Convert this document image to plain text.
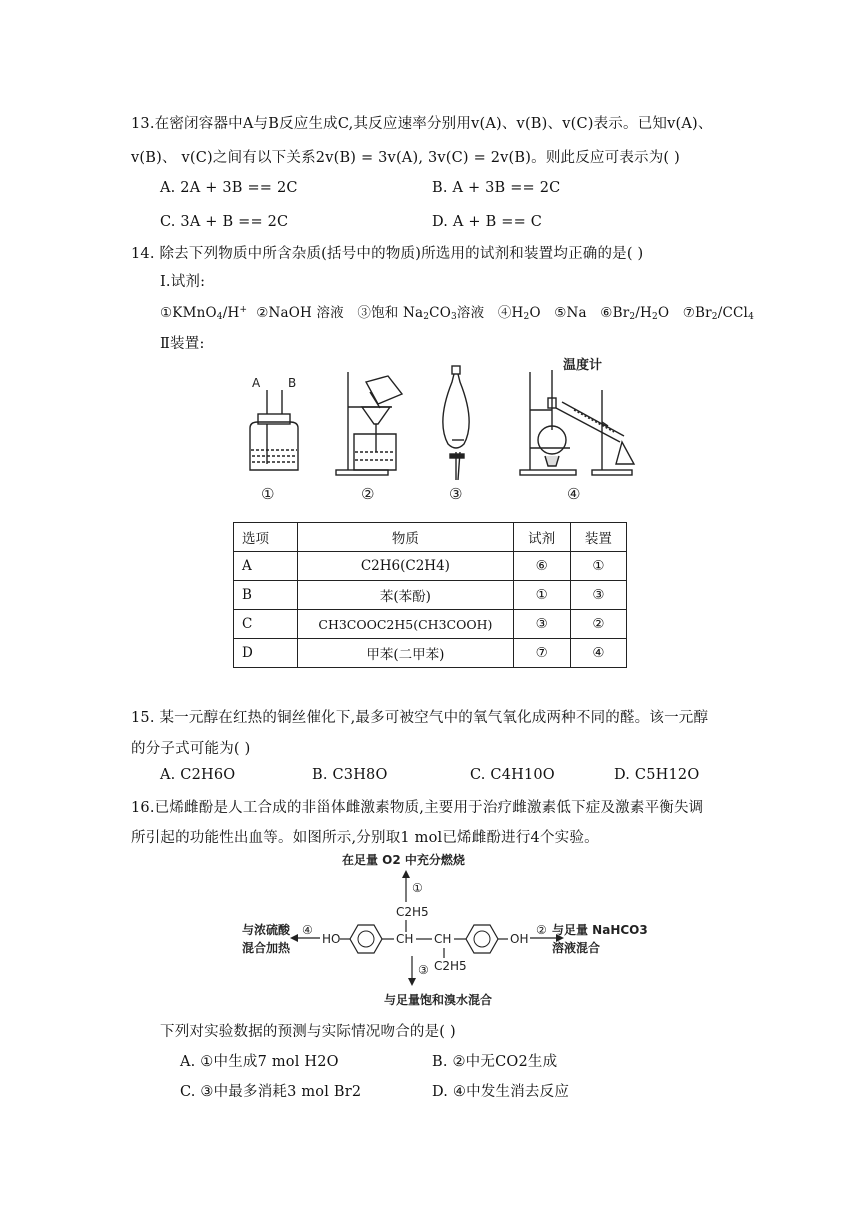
13.在密闭容器中A与B反应生成C,其反应速率分别用v(A)、v(B)、v(C)表示。已知v(A)、
v(B)、 v(C)之间有以下关系2v(B) = 3v(A), 3v(C) = 2v(B)。则此反应可表示为( )
A. 2A + 3B == 2C	B. A + 3B == 2C
C. 3A + B == 2C	D. A + B == C
14. 除去下列物质中所含杂质(括号中的物质)所选用的试剂和装置均正确的是( )
Ⅰ.试剂:
①KMnO$_4$/H+ ②NaOH 溶液 ③饱和 $Na_2CO_3$溶液 $④H_2O$ ⑤Na $⑥Br_2/H_2O$ $⑦Br_2/CCl_4$
Ⅱ装置:
A B
温度计
①	②	③	④
选项	物质	试剂	装置
A	C2H6(C2H4)	⑥	①
B	苯(苯酚)	①	③
C	CH3COOC2H5(CH3COOH)	③	②
D	甲苯(二甲苯)	⑦	④
15. 某一元醇在红热的铜丝催化下,最多可被空气中的氧气氧化成两种不同的醛。该一元醇
的分子式可能为( )
A. C2H6O	B. C3H8O	C. C4H10O	D. C5H12O
16.已烯雌酚是人工合成的非甾体雌激素物质,主要用于治疗雌激素低下症及激素平衡失调
所引起的功能性出血等。如图所示,分别取1 mol已烯雌酚进行4个实验。
在足量 O2 中充分燃烧
①
C2H5
与浓硫酸
混合加热
④
HO	CH CH	OH
② 与足量 NaHCO3
溶液混合
C2H5
③
与足量饱和溴水混合
下列对实验数据的预测与实际情况吻合的是( )
A. ①中生成7 mol H2O	B. ②中无CO2生成
C. ③中最多消耗3 mol Br2	D. ④中发生消去反应
